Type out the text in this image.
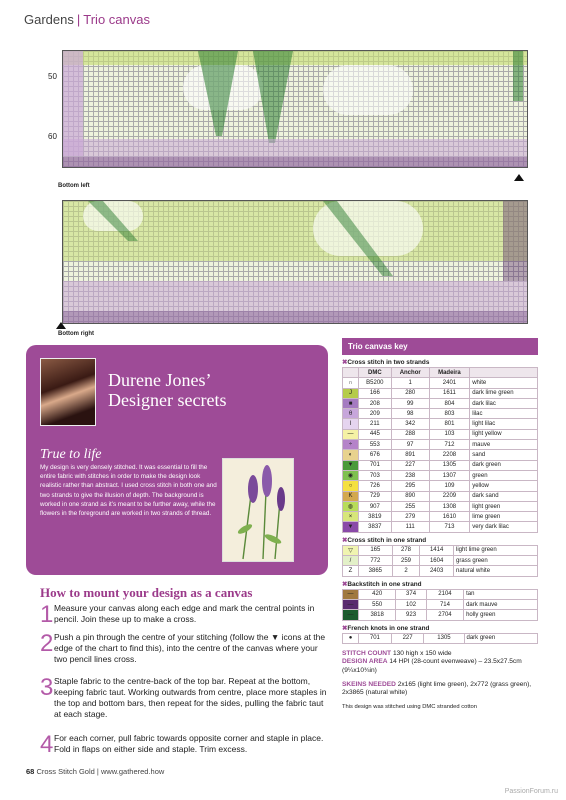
Gardens | Trio canvas
50
60
Bottom left
Bottom right
Durene Jones’
Designer secrets
True to life
My design is very densely stitched. It was essential to fill the entire fabric with stitches in order to make the design look realistic rather than abstract. I used cross stitch in both one and two strands to give the illusion of depth. The background is worked in one strand as it’s meant to be further away, while the flowers in the foreground are worked in two strands of thread.
How to mount your design as a canvas
1 Measure your canvas along each edge and mark the central points in pencil. Join these up to make a cross.
2 Push a pin through the centre of your stitching (follow the ▼ icons at the edge of the chart to find this), into the centre of the canvas where your two pencil lines cross.
3 Staple fabric to the centre-back of the top bar. Repeat at the bottom, keeping fabric taut. Working outwards from centre, place more staples in the top and bottom bars, then repeat for the sides, pulling the fabric taut at each stage.
4 For each corner, pull fabric towards opposite corner and staple in place. Fold in flaps on either side and staple. Trim excess.
68 Cross Stitch Gold | www.gathered.how
PassionForum.ru
Trio canvas key
✖Cross stitch in two strands
	DMC	Anchor	Madeira	
∩	B5200	1	2401	white
J	166	280	1611	dark lime green
■	208	99	804	dark lilac
θ	209	98	803	lilac
I	211	342	801	light lilac
—	445	288	103	light yellow
÷	553	97	712	mauve
◐	676	891	2208	sand
▼	701	227	1305	dark green
◉	703	238	1307	green
○	726	295	109	yellow
K	729	890	2209	dark sand
◍	907	255	1308	light green
×	3819	279	1610	lime green
▼	3837	111	713	very dark lilac
✖Cross stitch in one strand
▽	165	278	1414	light lime green
/	772	259	1604	grass green
Z	3865	2	2403	natural white
✖Backstitch in one strand
—	420	374	2104	tan
—	550	102	714	dark mauve
—	3818	923	2704	holly green
✖French knots in one strand
●	701	227	1305	dark green
STITCH COUNT 130 high x 150 wide
DESIGN AREA 14 HPI (28-count evenweave) – 23.5x27.5cm (9¼x10¾in)
SKEINS NEEDED 2x165 (light lime green), 2x772 (grass green), 2x3865 (natural white)
This design was stitched using DMC stranded cotton
